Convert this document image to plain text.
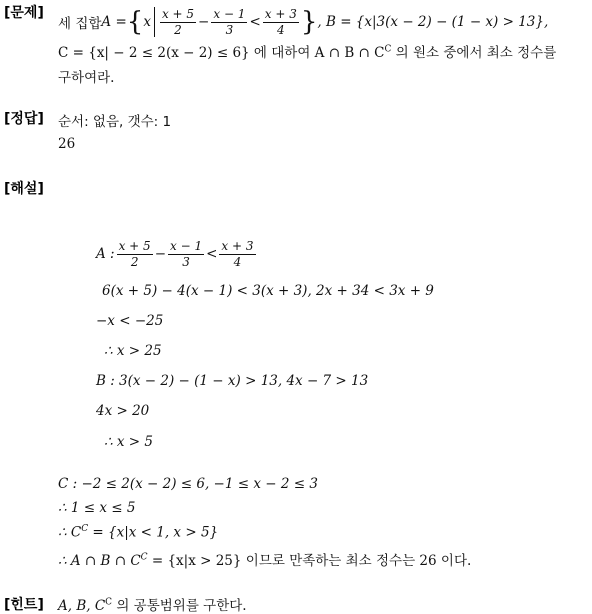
[문제]
세 집합 A = { x $\frac{x + 5}{2} - \frac{x - 1}{3} < \frac{x + 3}{4}$ } , B = {x|3(x − 2) − (1 − x) > 13},
C = {x| − 2 ≤ 2(x − 2) ≤ 6} 에 대하여 A ∩ B ∩ $C^C$ 의 원소 중에서 최소 정수를
구하여라.
[정답] 순서: 없음, 갯수: 1
26
[해설]
A : $\frac{x + 5}{2} - \frac{x - 1}{3} < \frac{x + 3}{4}$
6(x + 5) − 4(x − 1) < 3(x + 3), 2x + 34 < 3x + 9
−x < −25
∴ x > 25
B : 3(x − 2) − (1 − x) > 13, 4x − 7 > 13
4x > 20
∴ x > 5
C : −2 ≤ 2(x − 2) ≤ 6, −1 ≤ x − 2 ≤ 3
∴ 1 ≤ x ≤ 5
∴ $C^C = \{x|x < 1$, x > 5}
∴ A ∩ B ∩ $C^C = \{x|x > 25\}$ 이므로 만족하는 최소 정수는 26 이다.
[힌트] A, B, $C^C$ 의 공통범위를 구한다.
